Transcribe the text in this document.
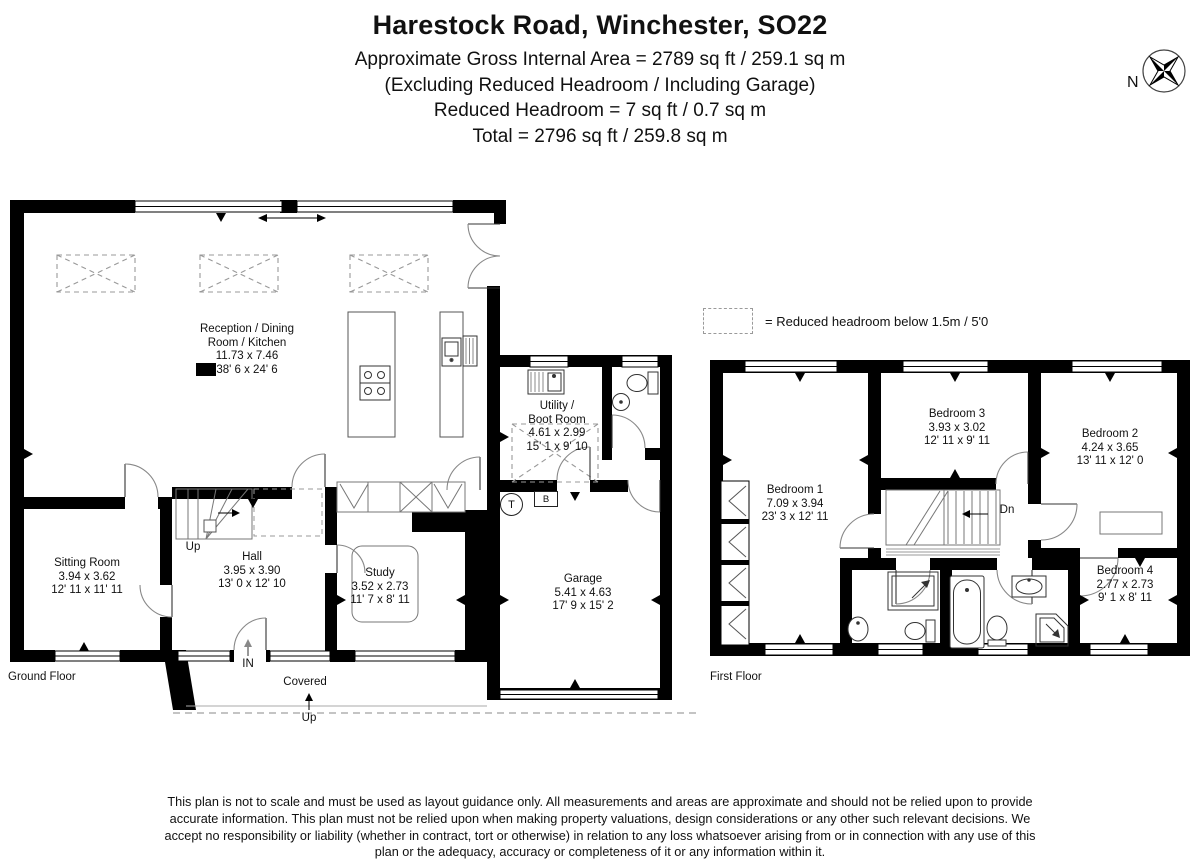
Harestock Road, Winchester, SO22
Approximate Gross Internal Area = 2789 sq ft / 259.1 sq m
(Excluding Reduced Headroom / Including Garage)
Reduced Headroom = 7 sq ft / 0.7 sq m
Total = 2796 sq ft / 259.8 sq m
N
= Reduced headroom below 1.5m / 5'0
Reception / Dining
Room / Kitchen
11.73 x 7.46
38' 6 x 24' 6
Utility /
Boot Room
4.61 x 2.99
15' 1 x 9' 10
Sitting Room
3.94 x 3.62
12' 11 x 11' 11
Hall
3.95 x 3.90
13' 0 x 12' 10
Study
3.52 x 2.73
11' 7 x 8' 11
Garage
5.41 x 4.63
17' 9 x 15' 2
Bedroom 1
7.09 x 3.94
23' 3 x 12' 11
Bedroom 3
3.93 x 3.02
12' 11 x 9' 11
Bedroom 2
4.24 x 3.65
13' 11 x 12' 0
Bedroom 4
2.77 x 2.73
9' 1 x 8' 11
Up
IN
Covered
Up
Dn
T	B
Ground Floor	First Floor
This plan is not to scale and must be used as layout guidance only. All measurements and areas are approximate and should not be relied upon to provide accurate information. This plan must not be relied upon when making property valuations, design considerations or any other such relevant decisions. We accept no responsibility or liability (whether in contract, tort or otherwise) in relation to any loss whatsoever arising from or in connection with any use of this plan or the adequacy, accuracy or completeness of it or any information within it.
